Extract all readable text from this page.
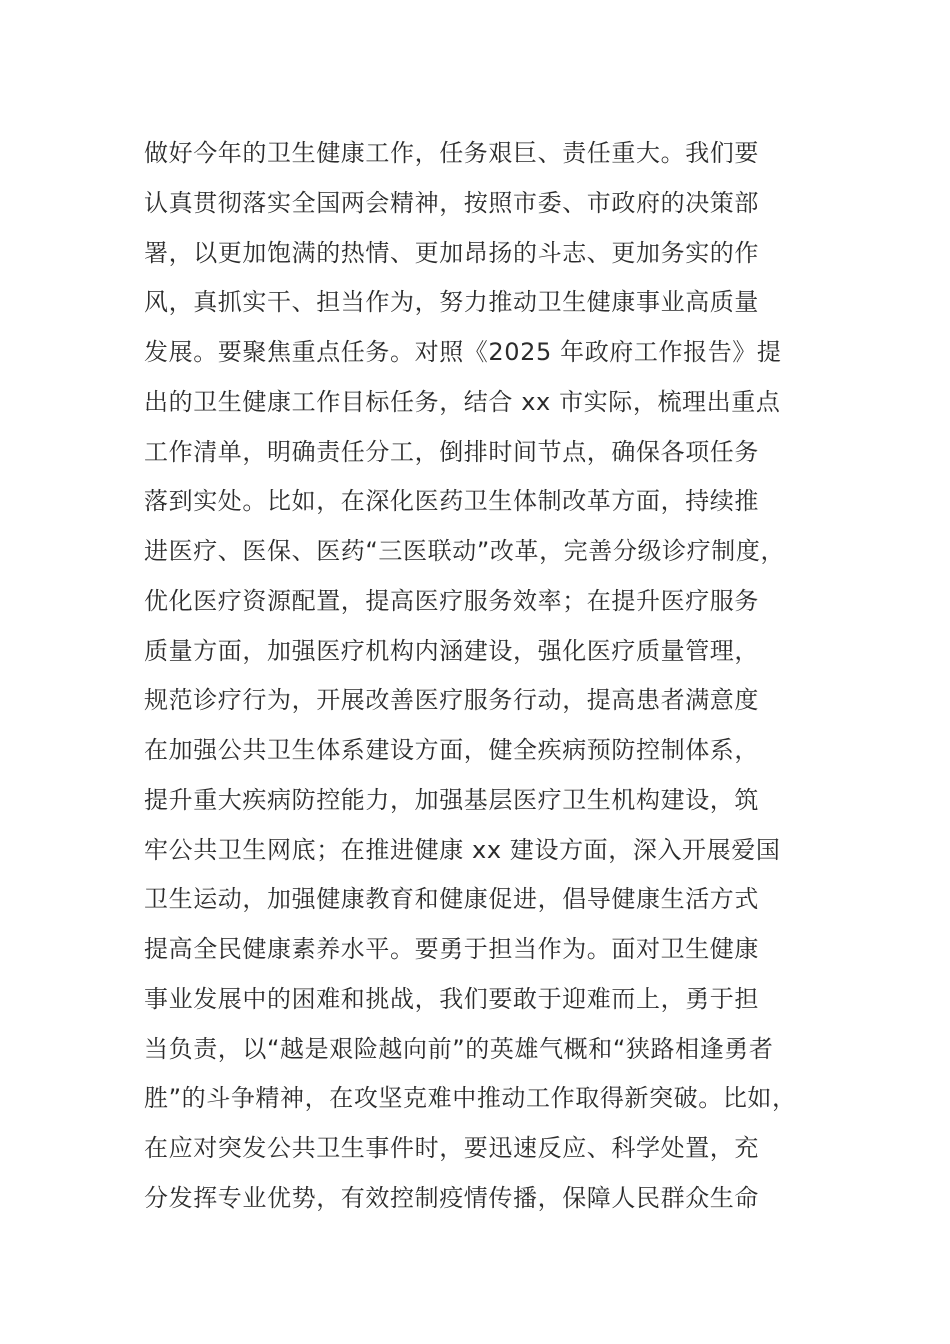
做好今年的卫生健康工作，任务艰巨、责任重大。我们要
认真贯彻落实全国两会精神，按照市委、市政府的决策部
署，以更加饱满的热情、更加昂扬的斗志、更加务实的作
风，真抓实干、担当作为，努力推动卫生健康事业高质量
发展。要聚焦重点任务。对照《2025 年政府工作报告》提
出的卫生健康工作目标任务，结合 xx 市实际，梳理出重点
工作清单，明确责任分工，倒排时间节点，确保各项任务
落到实处。比如，在深化医药卫生体制改革方面，持续推
进医疗、医保、医药“三医联动”改革，完善分级诊疗制度，
优化医疗资源配置，提高医疗服务效率；在提升医疗服务
质量方面，加强医疗机构内涵建设，强化医疗质量管理，
规范诊疗行为，开展改善医疗服务行动，提高患者满意度
在加强公共卫生体系建设方面，健全疾病预防控制体系，
提升重大疾病防控能力，加强基层医疗卫生机构建设，筑
牢公共卫生网底；在推进健康 xx 建设方面，深入开展爱国
卫生运动，加强健康教育和健康促进，倡导健康生活方式
提高全民健康素养水平。要勇于担当作为。面对卫生健康
事业发展中的困难和挑战，我们要敢于迎难而上，勇于担
当负责，以“越是艰险越向前”的英雄气概和“狭路相逢勇者
胜”的斗争精神，在攻坚克难中推动工作取得新突破。比如，
在应对突发公共卫生事件时，要迅速反应、科学处置，充
分发挥专业优势，有效控制疫情传播，保障人民群众生命
